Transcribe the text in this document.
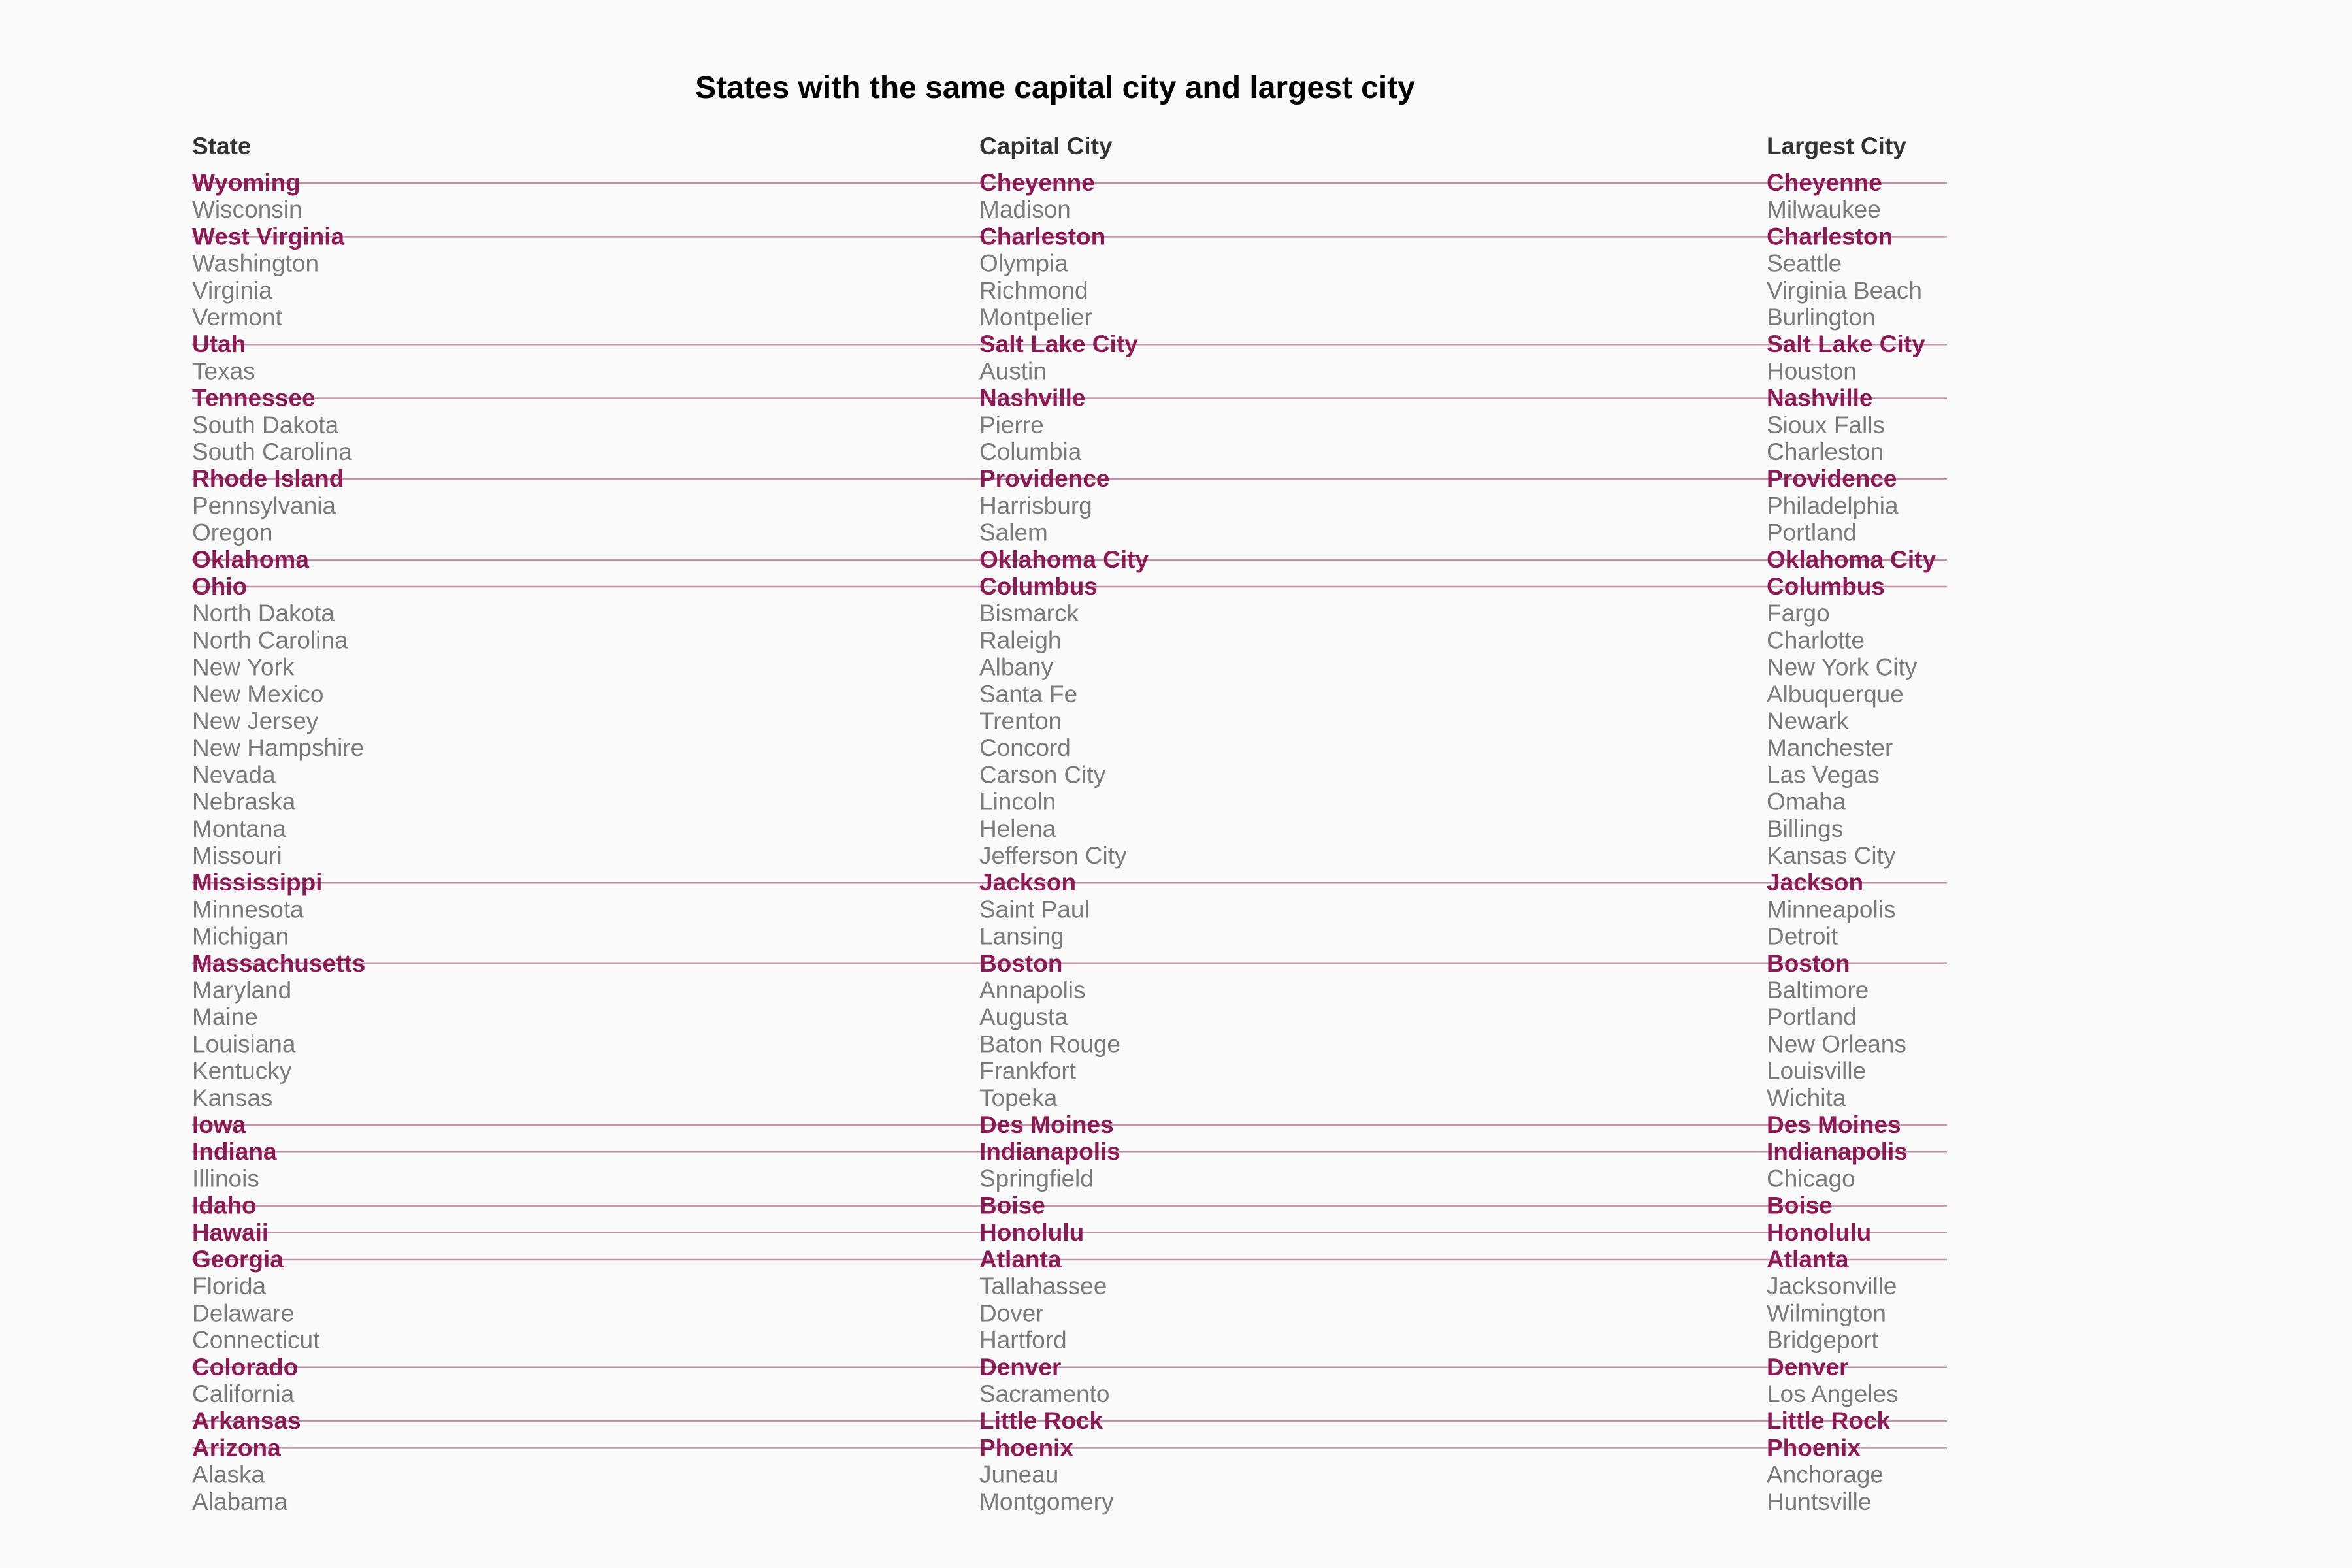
States with the same capital city and largest city
State	Capital City	Largest City
Wyoming	Cheyenne	Cheyenne
Wisconsin	Madison	Milwaukee
West Virginia	Charleston	Charleston
Washington	Olympia	Seattle
Virginia	Richmond	Virginia Beach
Vermont	Montpelier	Burlington
Utah	Salt Lake City	Salt Lake City
Texas	Austin	Houston
Tennessee	Nashville	Nashville
South Dakota	Pierre	Sioux Falls
South Carolina	Columbia	Charleston
Rhode Island	Providence	Providence
Pennsylvania	Harrisburg	Philadelphia
Oregon	Salem	Portland
Oklahoma	Oklahoma City	Oklahoma City
Ohio	Columbus	Columbus
North Dakota	Bismarck	Fargo
North Carolina	Raleigh	Charlotte
New York	Albany	New York City
New Mexico	Santa Fe	Albuquerque
New Jersey	Trenton	Newark
New Hampshire	Concord	Manchester
Nevada	Carson City	Las Vegas
Nebraska	Lincoln	Omaha
Montana	Helena	Billings
Missouri	Jefferson City	Kansas City
Mississippi	Jackson	Jackson
Minnesota	Saint Paul	Minneapolis
Michigan	Lansing	Detroit
Massachusetts	Boston	Boston
Maryland	Annapolis	Baltimore
Maine	Augusta	Portland
Louisiana	Baton Rouge	New Orleans
Kentucky	Frankfort	Louisville
Kansas	Topeka	Wichita
Iowa	Des Moines	Des Moines
Indiana	Indianapolis	Indianapolis
Illinois	Springfield	Chicago
Idaho	Boise	Boise
Hawaii	Honolulu	Honolulu
Georgia	Atlanta	Atlanta
Florida	Tallahassee	Jacksonville
Delaware	Dover	Wilmington
Connecticut	Hartford	Bridgeport
Colorado	Denver	Denver
California	Sacramento	Los Angeles
Arkansas	Little Rock	Little Rock
Arizona	Phoenix	Phoenix
Alaska	Juneau	Anchorage
Alabama	Montgomery	Huntsville
